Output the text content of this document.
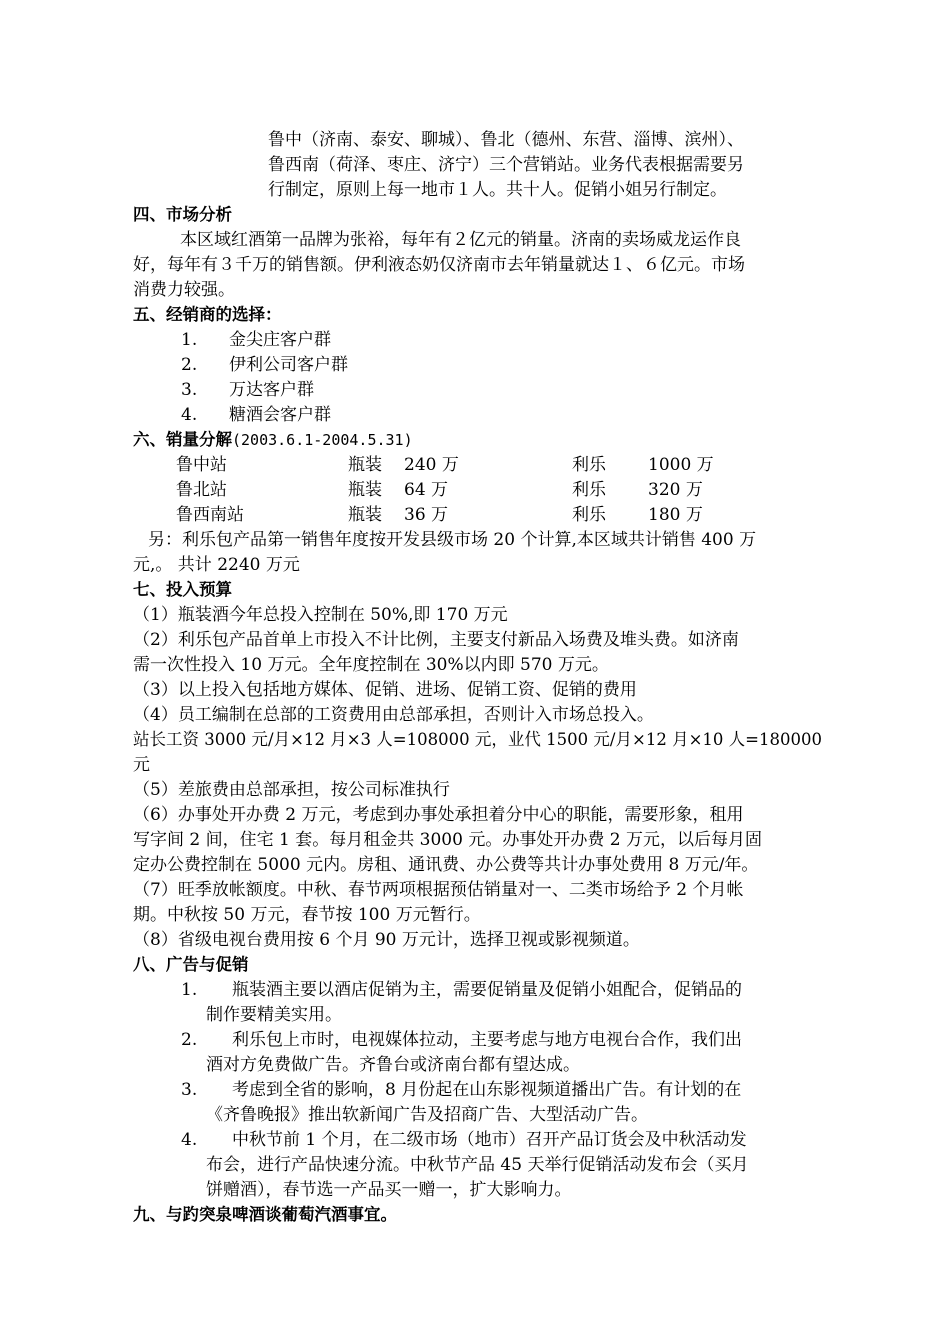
鲁中（济南、泰安、聊城）、鲁北（德州、东营、淄博、滨州）、
鲁西南（荷泽、枣庄、济宁）三个营销站。业务代表根据需要另
行制定，原则上每一地市１人。共十人。促销小姐另行制定。
四、市场分析
本区域红酒第一品牌为张裕，每年有２亿元的销量。济南的卖场威龙运作良
好，每年有３千万的销售额。伊利液态奶仅济南市去年销量就达１、６亿元。市场
消费力较强。
五、经销商的选择：
1. 金尖庄客户群
2. 伊利公司客户群
3. 万达客户群
4. 糖酒会客户群
六、销量分解(2003.6.1-2004.5.31)
鲁中站	瓶装 240 万	利乐 1000 万
鲁北站	瓶装 64 万	利乐 320 万
鲁西南站	瓶装 36 万	利乐 180 万
另：利乐包产品第一销售年度按开发县级市场 20 个计算,本区域共计销售 400 万
元,。 共计 2240 万元
七、投入预算
（1）瓶装酒今年总投入控制在 50%,即 170 万元
（2）利乐包产品首单上市投入不计比例，主要支付新品入场费及堆头费。如济南
需一次性投入 10 万元。全年度控制在 30%以内即 570 万元。
（3）以上投入包括地方媒体、促销、进场、促销工资、促销的费用
（4）员工编制在总部的工资费用由总部承担，否则计入市场总投入。
站长工资 3000 元/月×12 月×3 人=108000 元，业代 1500 元/月×12 月×10 人=180000
元
（5）差旅费由总部承担，按公司标准执行
（6）办事处开办费 2 万元，考虑到办事处承担着分中心的职能，需要形象，租用
写字间 2 间，住宅 1 套。每月租金共 3000 元。办事处开办费 2 万元，以后每月固
定办公费控制在 5000 元内。房租、通讯费、办公费等共计办事处费用 8 万元/年。
（7）旺季放帐额度。中秋、春节两项根据预估销量对一、二类市场给予 2 个月帐
期。中秋按 50 万元，春节按 100 万元暂行。
（8）省级电视台费用按 6 个月 90 万元计，选择卫视或影视频道。
八、广告与促销
1. 瓶装酒主要以酒店促销为主，需要促销量及促销小姐配合，促销品的
制作要精美实用。
2. 利乐包上市时，电视媒体拉动，主要考虑与地方电视台合作，我们出
酒对方免费做广告。齐鲁台或济南台都有望达成。
3. 考虑到全省的影响，8 月份起在山东影视频道播出广告。有计划的在
《齐鲁晚报》推出软新闻广告及招商广告、大型活动广告。
4. 中秋节前 1 个月，在二级市场（地市）召开产品订货会及中秋活动发
布会，进行产品快速分流。中秋节产品 45 天举行促销活动发布会（买月
饼赠酒），春节选一产品买一赠一，扩大影响力。
九、与趵突泉啤酒谈葡萄汽酒事宜。
